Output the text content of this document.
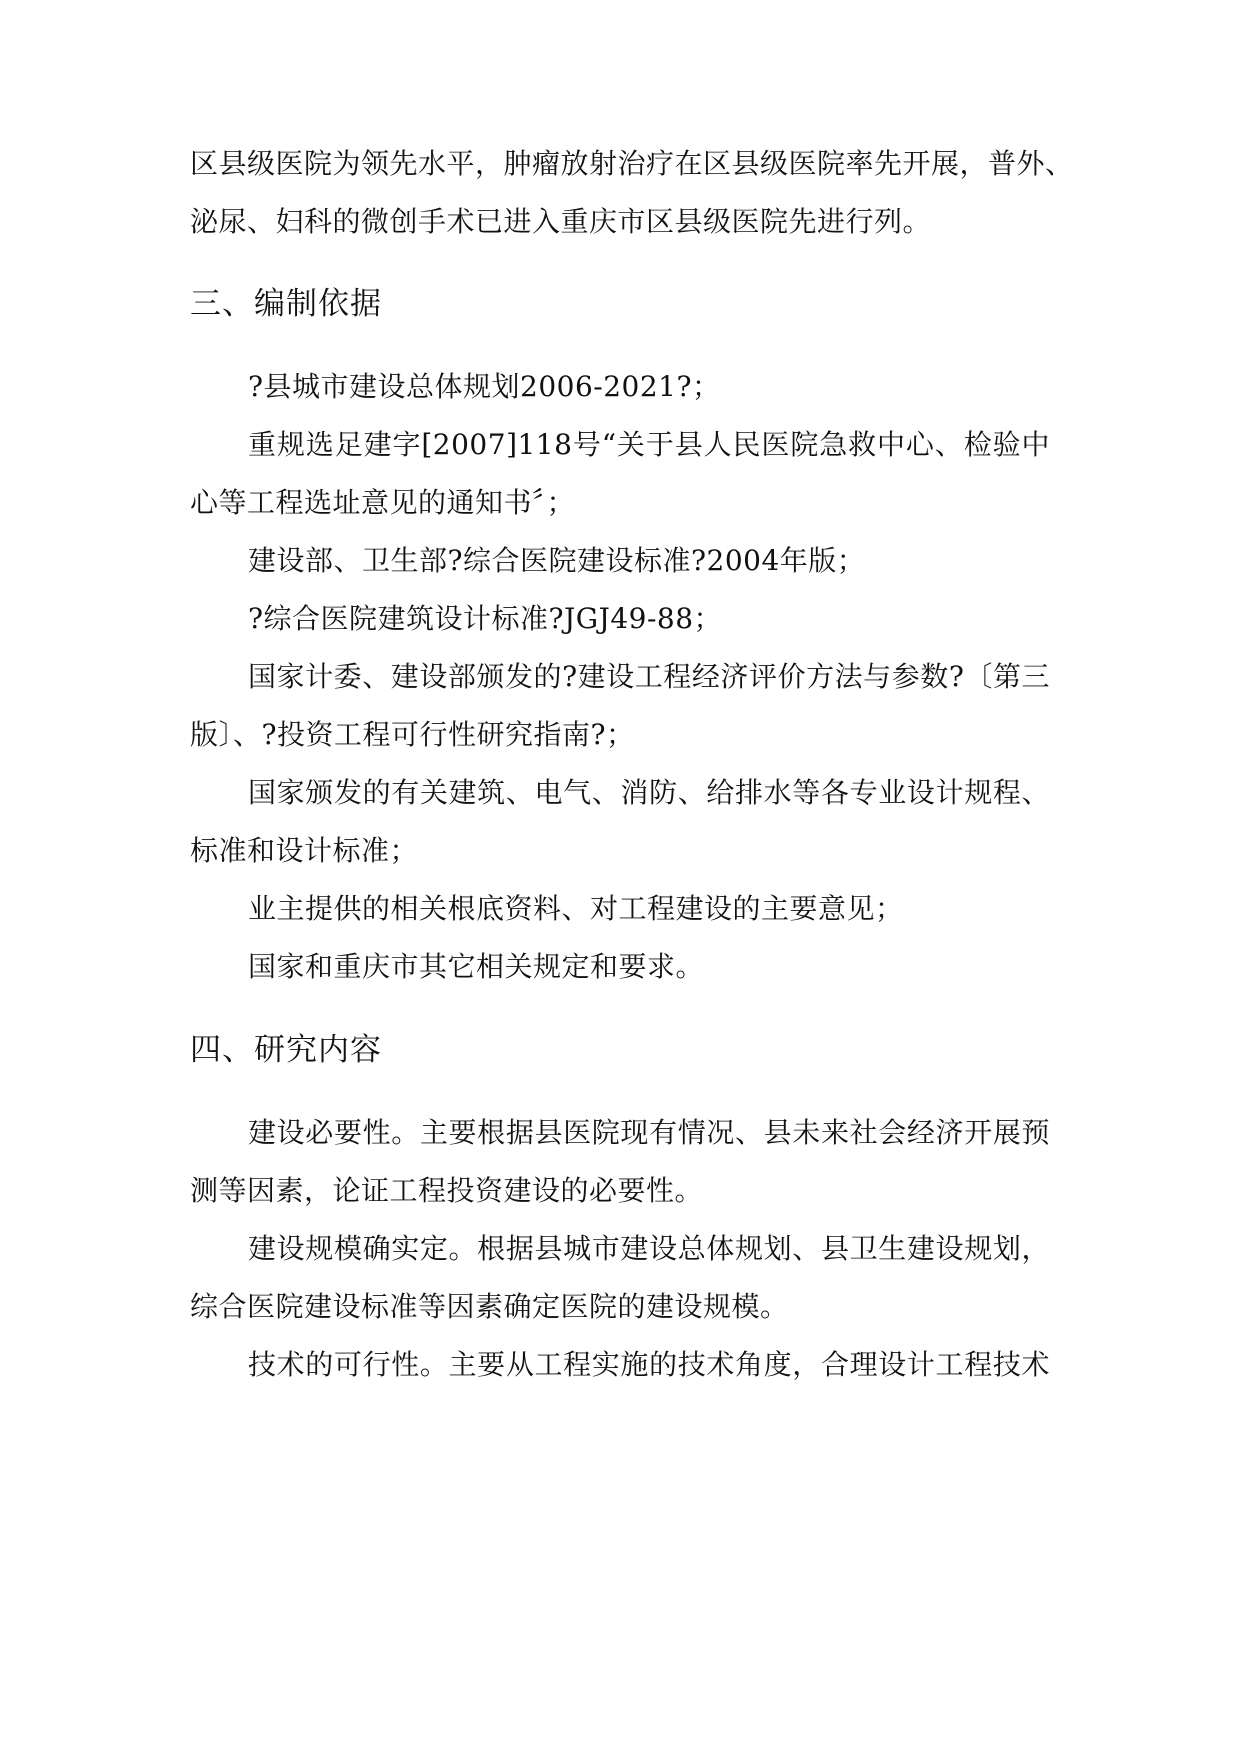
区县级医院为领先水平，肿瘤放射治疗在区县级医院率先开展，普外、
泌尿、妇科的微创手术已进入重庆市区县级医院先进行列。
三、编制依据
?县城市建设总体规划2006-2021?；
重规选足建字[2007]118号“关于县人民医院急救中心、检验中
心等工程选址意见的通知书〞；
建设部、卫生部?综合医院建设标准?2004年版；
?综合医院建筑设计标准?JGJ49-88；
国家计委、建设部颁发的?建设工程经济评价方法与参数?〔第三
版〕、?投资工程可行性研究指南?；
国家颁发的有关建筑、电气、消防、给排水等各专业设计规程、
标准和设计标准；
业主提供的相关根底资料、对工程建设的主要意见；
国家和重庆市其它相关规定和要求。
四、研究内容
建设必要性。主要根据县医院现有情况、县未来社会经济开展预
测等因素，论证工程投资建设的必要性。
建设规模确实定。根据县城市建设总体规划、县卫生建设规划，
综合医院建设标准等因素确定医院的建设规模。
技术的可行性。主要从工程实施的技术角度，合理设计工程技术
